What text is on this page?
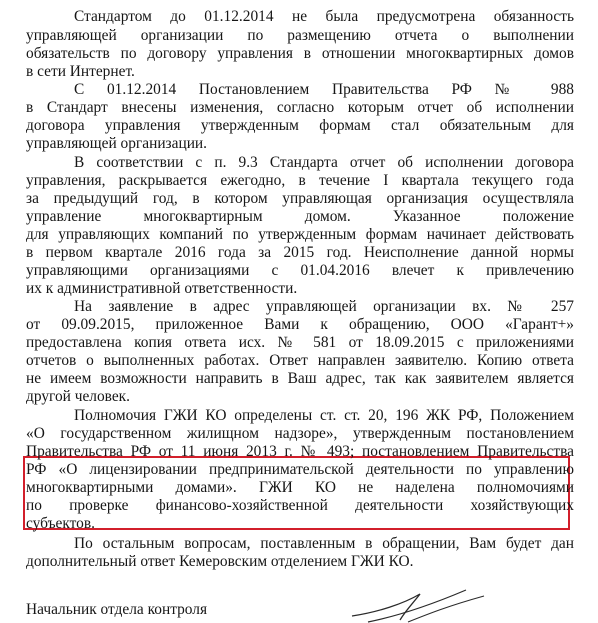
Стандартом до 01.12.2014 не была предусмотрена обязанность
управляющей организации по размещению отчета о выполнении
обязательств по договору управления в отношении многоквартирных домов
в сети Интернет.
С 01.12.2014 Постановлением Правительства РФ № 988
в Стандарт внесены изменения, согласно которым отчет об исполнении
договора управления утвержденным формам стал обязательным для
управляющей организации.
В соответствии с п. 9.3 Стандарта отчет об исполнении договора
управления, раскрывается ежегодно, в течение I квартала текущего года
за предыдущий год, в котором управляющая организация осуществляла
управление многоквартирным домом. Указанное положение
для управляющих компаний по утвержденным формам начинает действовать
в первом квартале 2016 года за 2015 год. Неисполнение данной нормы
управляющими организациями с 01.04.2016 влечет к привлечению
их к административной ответственности.
На заявление в адрес управляющей организации вх. № 257
от 09.09.2015, приложенное Вами к обращению, ООО «Гарант+»
предоставлена копия ответа исх. № 581 от 18.09.2015 с приложениями
отчетов о выполненных работах. Ответ направлен заявителю. Копию ответа
не имеем возможности направить в Ваш адрес, так как заявителем является
другой человек.
Полномочия ГЖИ КО определены ст. ст. 20, 196 ЖК РФ, Положением
«О государственном жилищном надзоре», утвержденным постановлением
Правительства РФ от 11 июня 2013 г. № 493; постановлением Правительства
РФ «О лицензировании предпринимательской деятельности по управлению
многоквартирными домами». ГЖИ КО не наделена полномочиями
по проверке финансово-хозяйственной деятельности хозяйствующих
субъектов.
По остальным вопросам, поставленным в обращении, Вам будет дан
дополнительный ответ Кемеровским отделением ГЖИ КО.
Начальник отдела контроля
